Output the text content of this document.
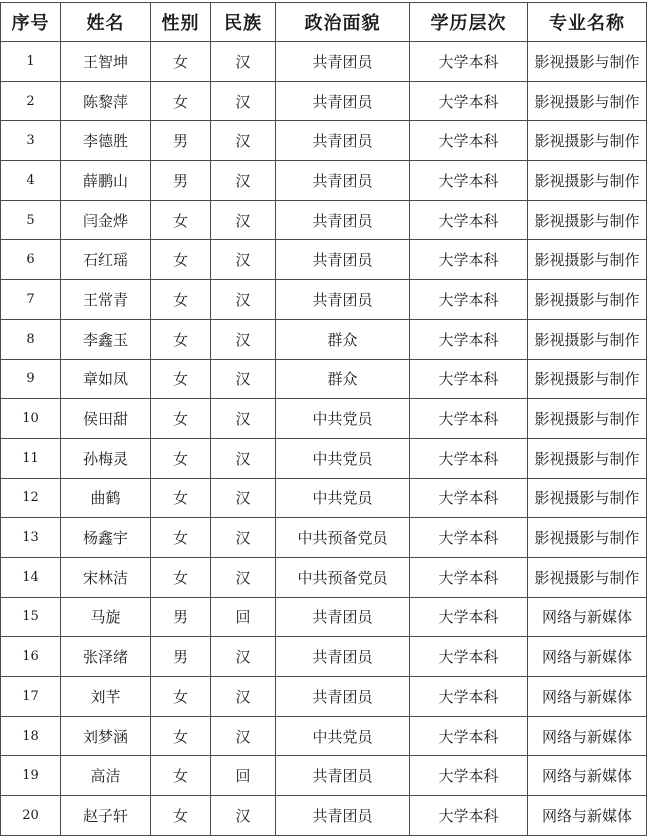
序号	姓名	性别	民族	政治面貌	学历层次	专业名称
1	王智坤	女	汉	共青团员	大学本科	影视摄影与制作
2	陈黎萍	女	汉	共青团员	大学本科	影视摄影与制作
3	李德胜	男	汉	共青团员	大学本科	影视摄影与制作
4	薛鹏山	男	汉	共青团员	大学本科	影视摄影与制作
5	闫金烨	女	汉	共青团员	大学本科	影视摄影与制作
6	石红瑶	女	汉	共青团员	大学本科	影视摄影与制作
7	王常青	女	汉	共青团员	大学本科	影视摄影与制作
8	李鑫玉	女	汉	群众	大学本科	影视摄影与制作
9	章如凤	女	汉	群众	大学本科	影视摄影与制作
10	侯田甜	女	汉	中共党员	大学本科	影视摄影与制作
11	孙梅灵	女	汉	中共党员	大学本科	影视摄影与制作
12	曲鹤	女	汉	中共党员	大学本科	影视摄影与制作
13	杨鑫宇	女	汉	中共预备党员	大学本科	影视摄影与制作
14	宋林洁	女	汉	中共预备党员	大学本科	影视摄影与制作
15	马旋	男	回	共青团员	大学本科	网络与新媒体
16	张泽绪	男	汉	共青团员	大学本科	网络与新媒体
17	刘芊	女	汉	共青团员	大学本科	网络与新媒体
18	刘梦涵	女	汉	中共党员	大学本科	网络与新媒体
19	高洁	女	回	共青团员	大学本科	网络与新媒体
20	赵子轩	女	汉	共青团员	大学本科	网络与新媒体
